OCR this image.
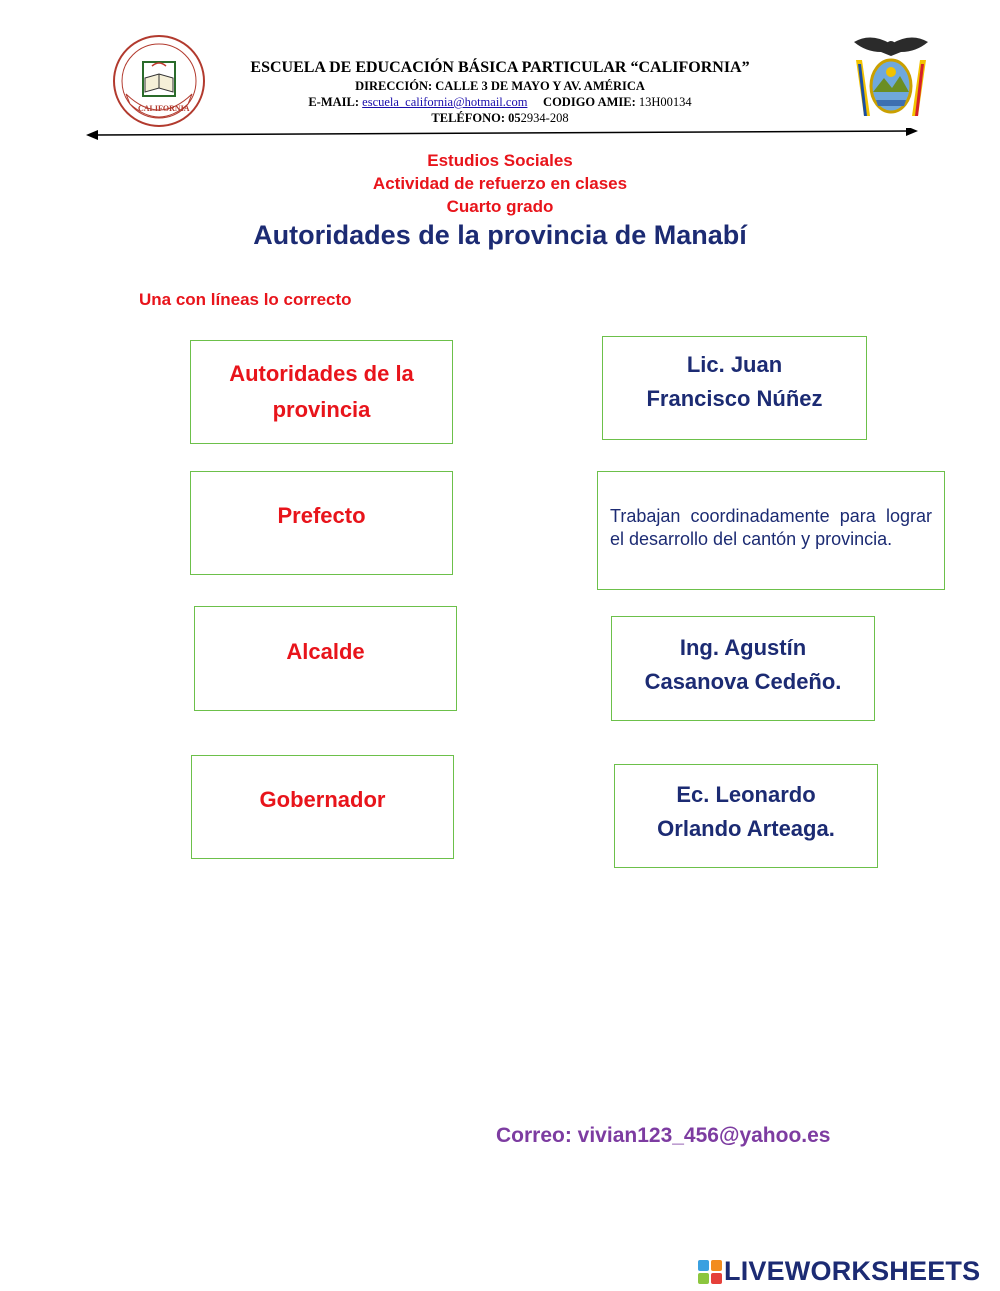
CALIFORNIA
ESCUELA DE EDUCACIÓN BÁSICA PARTICULAR “CALIFORNIA”
DIRECCIÓN: CALLE 3 DE MAYO Y AV. AMÉRICA
E-MAIL: escuela_california@hotmail.com CODIGO AMIE: 13H00134
TELÉFONO: 052934-208
Estudios Sociales
Actividad de refuerzo en clases
Cuarto grado
Autoridades de la provincia de Manabí
Una con líneas lo correcto
Autoridades de la
provincia
Prefecto
Alcalde
Gobernador
Lic. Juan
Francisco Núñez
Trabajan coordinadamente para lograr el desarrollo del cantón y provincia.
Ing. Agustín
Casanova Cedeño.
Ec. Leonardo
Orlando Arteaga.
Correo: vivian123_456@yahoo.es
LIVEWORKSHEETS
